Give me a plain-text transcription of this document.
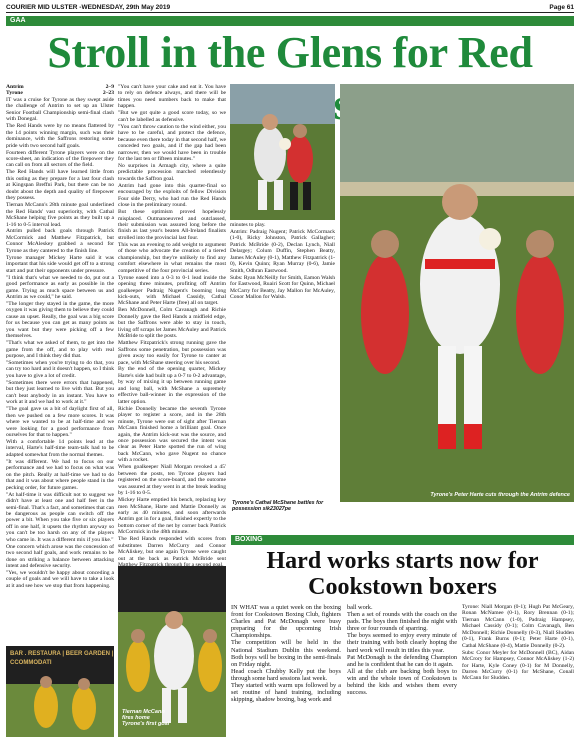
COURIER MID ULSTER -WEDNESDAY, 29th May 2019	Page 61
GAA
Stroll in the Glens for Red
Antrim	2–9
Tyrone	2–23

IT was a cruise for Tyrone as they swept aside the challenge of Antrim to set up an Ulster Senior Football Championship semi-final clash with Donegal.

The Red Hands were by no means flattered by the 14 points winning margin, such was their dominance, with the Saffrons restoring some pride with two second half goals.

Fourteen different Tyrone players were on the score-sheet, an indication of the firepower they can call on from all sectors of the field.

The Red Hands will have learned little from this outing as they prepare for a last four clash at Kingspan Breffni Park, but there can be no doubt about the depth and quality of firepower they possess.

Tiernan McCann's 28th minute goal underlined the Red Hands' vast superiority, with Cathal McShane helping five points as they built up a 1-16 to 0-5 interval lead.

Antrim pulled back goals through Patrick McCormick and Matthew Fitzpatrick, but Connor McAleskey grabbed a second for Tyrone as they cantered to the finish line.

Tyrone manager Mickey Harte said it was important that his side would get off to a strong start and put their opponents under pressure.

"I think that's what we needed to do, put out a good performance as early as possible in the game. Trying as much space between us and Antrim as we could," he said.

"The longer they stayed in the game, the more oxygen it was giving them to believe they could cause an upset. Really, the goal was a big score for us because you can get as many points as you want but they were picking off a few themselves.

"That's what we asked of them, to get into the game from the off, and to play with real purpose, and I think they did that.

"Sometimes when you're trying to do that, you can try too hard and it doesn't happen, so I think you have to give a lot of credit.

"Sometimes there were errors that happened, but they just learned to live with that. But you can't beat anybody in an instant. You have to work at it and we had to work at it."

"The goal gave us a bit of daylight first of all, then we pushed on a few more scores. It was where we wanted to be at half-time and we were looking for a good performance from ourselves for that to happen."

With a comfortable 14 points lead at the interval, Harte's half-time team-talk had to be adapted somewhat from the normal themes.

"It was different. We had to focus on our performance and we had to focus on what was on the pitch. Really at half-time we had to do that and it was about where people stand in the pecking order, for future games.

"At half-time it was difficult not to suggest we didn't have at least one and half feet in the semi-final. That's a fact, and sometimes that can be dangerous as people can switch off the power a bit. When you take five or six players off in one half, it upsets the rhythm anyway so you can't be too harsh on any of the players who came in. It was a different mix if you like."

One concern which arose was the concession of two second half goals, and work remains to be done on striking a balance between attacking intent and defensive security.

"Yes, we wouldn't be happy about conceding a couple of goals and we will have to take a look at it and see how we stop that from happening.

"You can't have your cake and eat it. You have to rely on defence always, and there will be times you need numbers back to make that happen.

"But we got quite a good score today, so we can't be labelled as defensive.

"You can't throw caution to the wind either, you have to be careful, and protect the defence, because even there today in that second half, we conceded two goals, and if the gap had been narrower, then we would have been in trouble for the last ten or fifteen minutes."

No surprises in Armagh city, where a quite predictable procession marched relentlessly towards the Saffron goal.

Antrim had gone into this quarter-final so encouraged by the exploits of fellow Division Four side Derry, who had run the Red Hands close in the preliminary round.

But these optimism proved hopelessly misplaced. Outmanoeuvred and outclassed, their submission was assured long before the finish as last year's beaten All-Ireland finalists strolled into the provincial last four.

This was an evening to add weight to argument of those who advocate the creation of a tiered championship, but they're unlikely to find any comfort elsewhere in what remains the most competitive of the four provincial series.

Tyrone eased into a 0-3 to 0-1 lead inside the opening three minutes, profiting off Antrim goalkeeper Padraig Nugent's booming long kick-outs, with Michael Cassidy, Cathal McShane and Peter Harte (free) all on target.

Ben McDonnell, Colm Cavanagh and Richie Donnelly gave the Red Hands a midfield edge, but the Saffrons were able to stay in touch, living off scraps let James McAuley and Patrick McBride to split the posts.

Matthew Fitzpatrick's strong running gave the Saffrons some penetration, but possession was given away too easily for Tyrone to canter at pace, with McShane steering over his second.

By the end of the opening quarter, Mickey Harte's side had built up a 0-7 to 0-2 advantage, by way of mixing it up between running game and long ball, with McShane a supremely effective ball-winner in the expression of the latter option.

Richie Donnelly became the seventh Tyrone player to register a score, and in the 28th minute, Tyrone were out of sight after Tiernan McCann finished home a brilliant goal. Once again, the Antrim kick-out was the source, and once possession was secured the intent was clear as Peter Harte spotted the run of wing back McCann, who gave Nugent no chance with a rocket.

When goalkeeper Niall Morgan revoked a 45' between the posts, ten Tyrone players had registered on the score-board, and the outcome was assured at they went in at the break leading by 1-16 to 0-5.

Mickey Harte emptied his bench, replacing key men McShane, Harte and Mattie Donnelly as early as 40 minutes, and soon afterwards Antrim got in for a goal, finished expertly to the bottom corner of the net by corner back Patrick McCormick in the 48th minute.

The Red Hands responded with scores from substitutes Darren McCurry and Connor McAliskey, but one again Tyrone were caught out at the back as Patrick McBride sent

minutes to play.

Antrim: Padraig Nugent; Patrick McCormack (1-0), Ricky Johnston, Patrick Gallagher; Patrick McBride (0-2), Declan Lynch, Niall Delargey; Colum Duffin, Stephen Beatty, James McAuley (0-1), Matthew Fitzpatrick (1-0), Kevin Quinn; Ryan Murray (0-6), Jamie Smith, Odhran Eastwood.

Subs: Ryan McNeilly for Smith, Eamon Walsh for Eastwood, Ruairi Scott for Quinn, Michael McCarry for Beatty, Jay Mallon for McAuley, Conor Mallon for Walsh.

Tyrone's Peter Harte cuts through the Antrim defence
Tyrone's Cathal McShane battles for possession sik23027pe
Tiernan McCann fires home Tyrone's first goal
BOXING
Hard works starts now for Cookstown boxers

IN WHAT was a quiet week on the boxing front for Cookstown Boxing Club, fighters Charles and Pat McDonagh were busy preparing for the upcoming Irish Championships.

The competition will be held in the National Stadium Dublin this weekend. Both boys will be boxing in the semi-finals on Friday night.

Head coach Chubby Kelly put the boys through some hard sessions last week.

They started with warm ups followed by a set routine of hand training, including skipping, shadow boxing, bag work and

ball work.

Then a set of rounds with the coach on the pads. The boys then finished the night with three or four rounds of sparring.

The boys seemed to enjoy every minute of their training with both clearly hoping the hard work will result in titles this year.

Pat McDonagh is the defending Champion and he is confident that he can do it again.

All at the club are backing both boys to win and the whole town of Cookstown is behind the kids and wishes them every success.

BAR . RESTAURA | BEER GARDEN | CCOMMODATI

Tyrone: Niall Morgan (0-1); Hugh Pat McGeary, Ronan McNamee (0-1), Rory Brennan (0-1); Tiernan McCann (1-0), Padraig Hampsey, Michael Cassidy (0-1); Colm Cavanagh, Ben McDonnell; Richie Donnelly (0-3), Niall Sludden (0-1), Frank Burns (0-1); Peter Harte (0-1), Cathal McShane (0-4), Mattie Donnelly (0-2).

Subs: Conor Meyler for McDonnell (BC), Aidan McCrory for Hampsey, Connor McAliskey (1-2) for Harte, Kyle Coney (0-1) for M Donnelly, Darren McCurry (0-1) for McShane, Conall McCann for Sludden.
